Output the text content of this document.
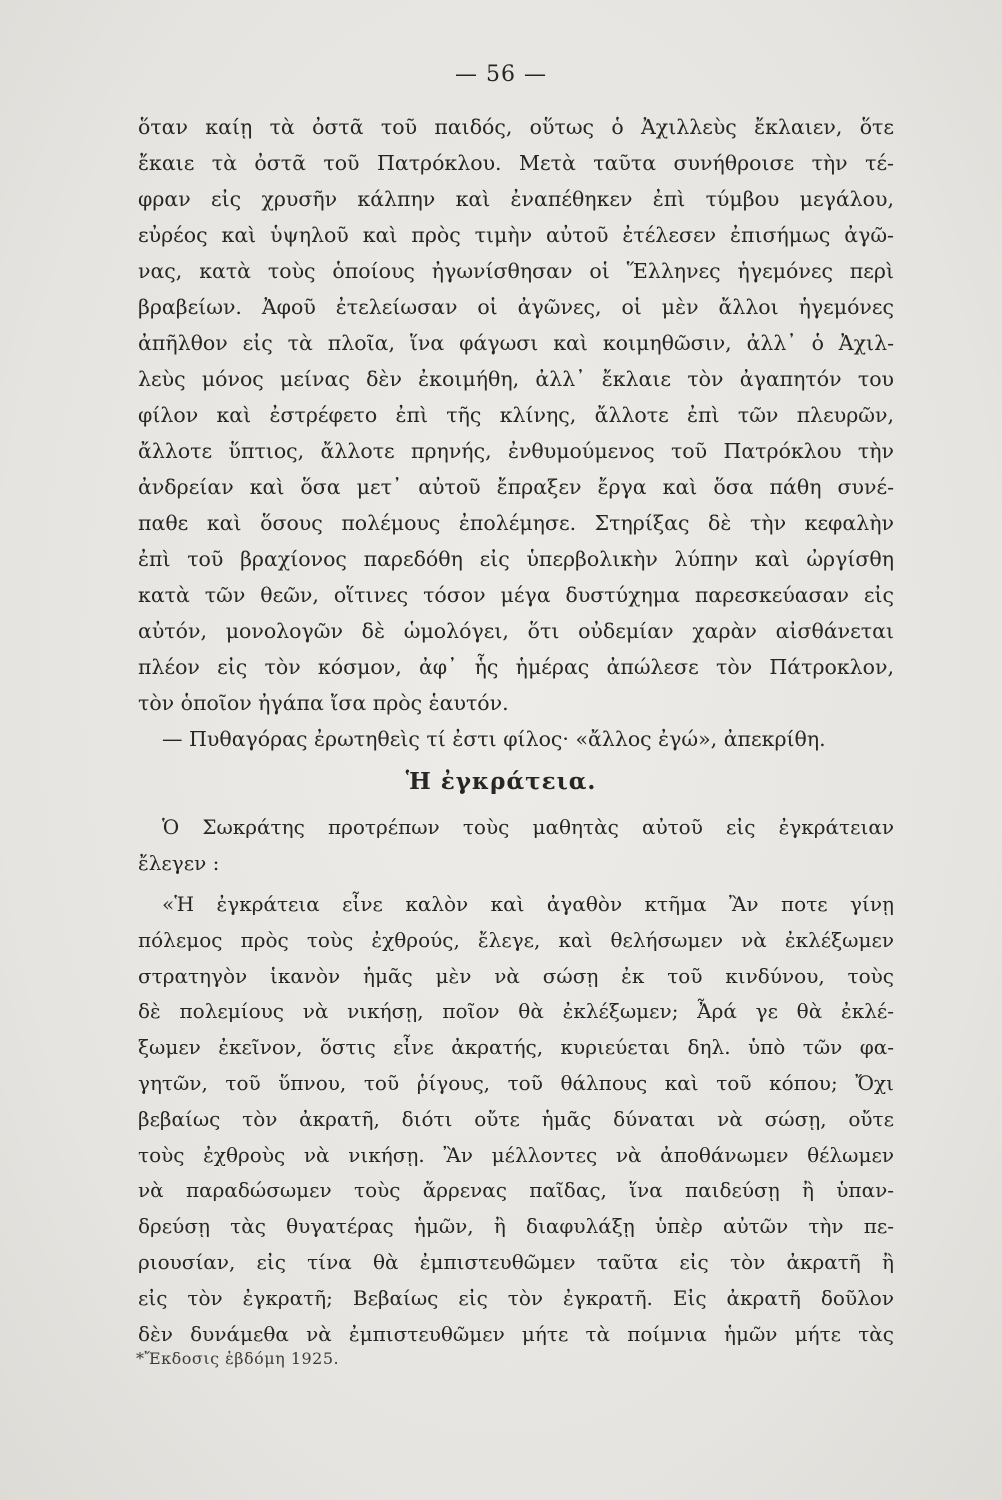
— 56 —
ὅταν καίῃ τὰ ὀστᾶ τοῦ παιδός, οὕτως ὁ Ἀχιλλεὺς ἔκλαιεν, ὅτε
ἔκαιε τὰ ὀστᾶ τοῦ Πατρόκλου. Μετὰ ταῦτα συνήθροισε τὴν τέ-
φραν εἰς χρυσῆν κάλπην καὶ ἐναπέθηκεν ἐπὶ τύμβου μεγάλου,
εὐρέος καὶ ὑψηλοῦ καὶ πρὸς τιμὴν αὐτοῦ ἐτέλεσεν ἐπισήμως ἀγῶ-
νας, κατὰ τοὺς ὁποίους ἠγωνίσθησαν οἱ Ἕλληνες ἡγεμόνες περὶ
βραβείων. Ἀφοῦ ἐτελείωσαν οἱ ἀγῶνες, οἱ μὲν ἄλλοι ἡγεμόνες
ἀπῆλθον εἰς τὰ πλοῖα, ἵνα φάγωσι καὶ κοιμηθῶσιν, ἀλλ᾽ ὁ Ἀχιλ-
λεὺς μόνος μείνας δὲν ἐκοιμήθη, ἀλλ᾽ ἔκλαιε τὸν ἀγαπητόν του
φίλον καὶ ἐστρέφετο ἐπὶ τῆς κλίνης, ἄλλοτε ἐπὶ τῶν πλευρῶν,
ἄλλοτε ὕπτιος, ἄλλοτε πρηνής, ἐνθυμούμενος τοῦ Πατρόκλου τὴν
ἀνδρείαν καὶ ὅσα μετ᾽ αὐτοῦ ἔπραξεν ἔργα καὶ ὅσα πάθη συνέ-
παθε καὶ ὅσους πολέμους ἐπολέμησε. Στηρίξας δὲ τὴν κεφαλὴν
ἐπὶ τοῦ βραχίονος παρεδόθη εἰς ὑπερβολικὴν λύπην καὶ ὠργίσθη
κατὰ τῶν θεῶν, οἵτινες τόσον μέγα δυστύχημα παρεσκεύασαν εἰς
αὐτόν, μονολογῶν δὲ ὡμολόγει, ὅτι οὐδεμίαν χαρὰν αἰσθάνεται
πλέον εἰς τὸν κόσμον, ἀφ᾽ ἧς ἡμέρας ἀπώλεσε τὸν Πάτροκλον,
τὸν ὁποῖον ἠγάπα ἴσα πρὸς ἑαυτόν.
— Πυθαγόρας ἐρωτηθεὶς τί ἐστι φίλος· «ἄλλος ἐγώ», ἀπεκρίθη.
Ἡ ἐγκράτεια.
Ὁ Σωκράτης προτρέπων τοὺς μαθητὰς αὐτοῦ εἰς ἐγκράτειαν
ἔλεγεν :
«Ἡ ἐγκράτεια εἶνε καλὸν καὶ ἀγαθὸν κτῆμα Ἂν ποτε γίνῃ
πόλεμος πρὸς τοὺς ἐχθρούς, ἔλεγε, καὶ θελήσωμεν νὰ ἐκλέξωμεν
στρατηγὸν ἱκανὸν ἡμᾶς μὲν νὰ σώσῃ ἐκ τοῦ κινδύνου, τοὺς
δὲ πολεμίους νὰ νικήσῃ, ποῖον θὰ ἐκλέξωμεν; Ἆρά γε θὰ ἐκλέ-
ξωμεν ἐκεῖνον, ὅστις εἶνε ἀκρατής, κυριεύεται δηλ. ὑπὸ τῶν φα-
γητῶν, τοῦ ὕπνου, τοῦ ῥίγους, τοῦ θάλπους καὶ τοῦ κόπου; Ὄχι
βεβαίως τὸν ἀκρατῆ, διότι οὔτε ἡμᾶς δύναται νὰ σώσῃ, οὔτε
τοὺς ἐχθροὺς νὰ νικήσῃ. Ἂν μέλλοντες νὰ ἀποθάνωμεν θέλωμεν
νὰ παραδώσωμεν τοὺς ἄρρενας παῖδας, ἵνα παιδεύσῃ ἢ ὑπαν-
δρεύσῃ τὰς θυγατέρας ἡμῶν, ἢ διαφυλάξῃ ὑπὲρ αὐτῶν τὴν πε-
ριουσίαν, εἰς τίνα θὰ ἐμπιστευθῶμεν ταῦτα εἰς τὸν ἀκρατῆ ἢ
εἰς τὸν ἐγκρατῆ; Βεβαίως εἰς τὸν ἐγκρατῆ. Εἰς ἀκρατῆ δοῦλον
δὲν δυνάμεθα νὰ ἐμπιστευθῶμεν μήτε τὰ ποίμνια ἡμῶν μήτε τὰς
*Ἔκδοσις ἑβδόμη 1925.
